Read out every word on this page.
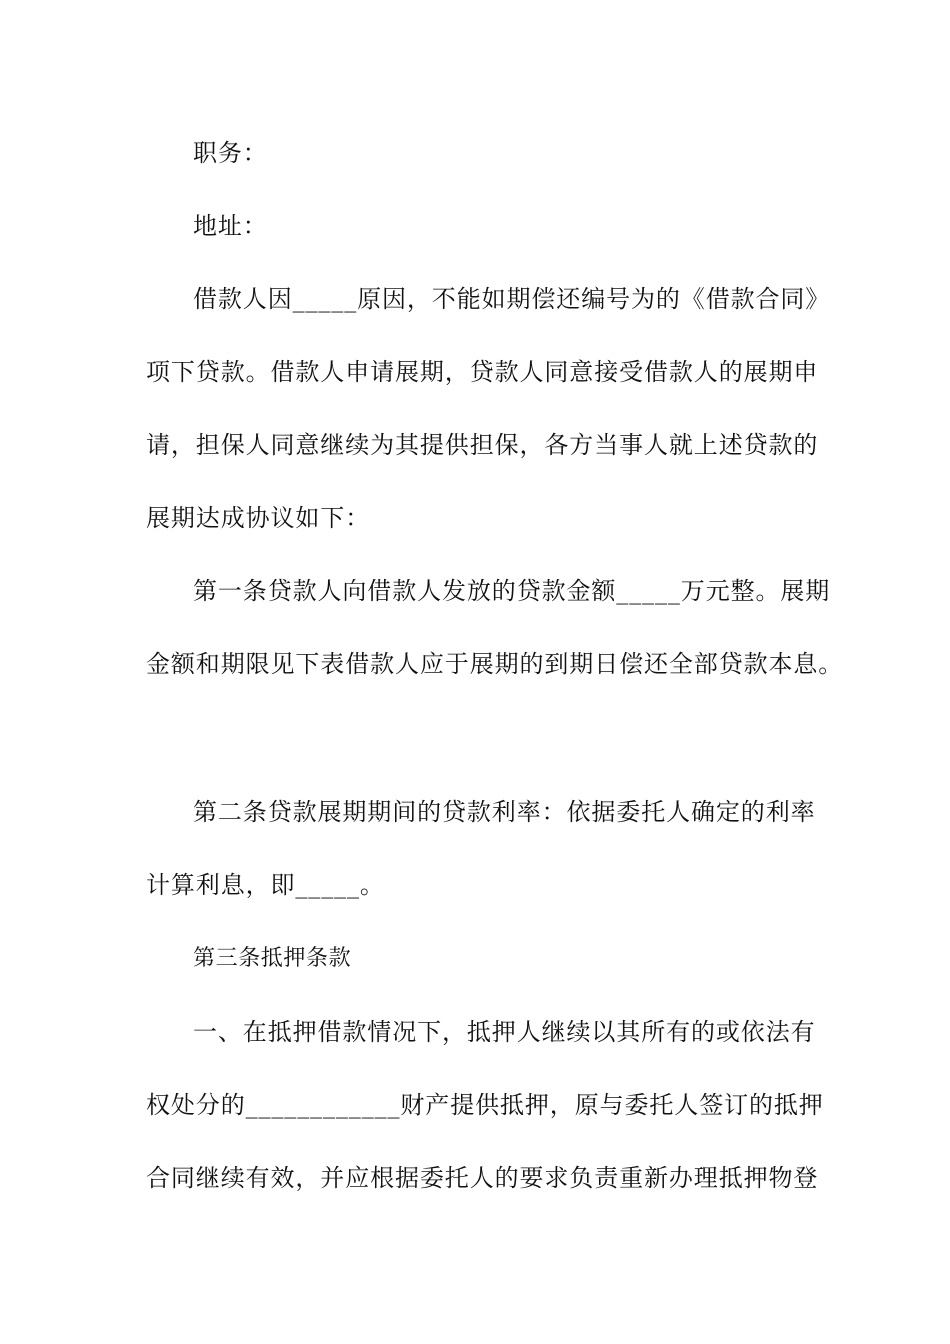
职务：
地址：
借款人因_____原因，不能如期偿还编号为的《借款合同》
项下贷款。借款人申请展期，贷款人同意接受借款人的展期申
请，担保人同意继续为其提供担保，各方当事人就上述贷款的
展期达成协议如下：
第一条贷款人向借款人发放的贷款金额_____万元整。展期
金额和期限见下表借款人应于展期的到期日偿还全部贷款本息。
第二条贷款展期期间的贷款利率：依据委托人确定的利率
计算利息，即_____。
第三条抵押条款
一、在抵押借款情况下，抵押人继续以其所有的或依法有
权处分的____________财产提供抵押，原与委托人签订的抵押
合同继续有效，并应根据委托人的要求负责重新办理抵押物登
